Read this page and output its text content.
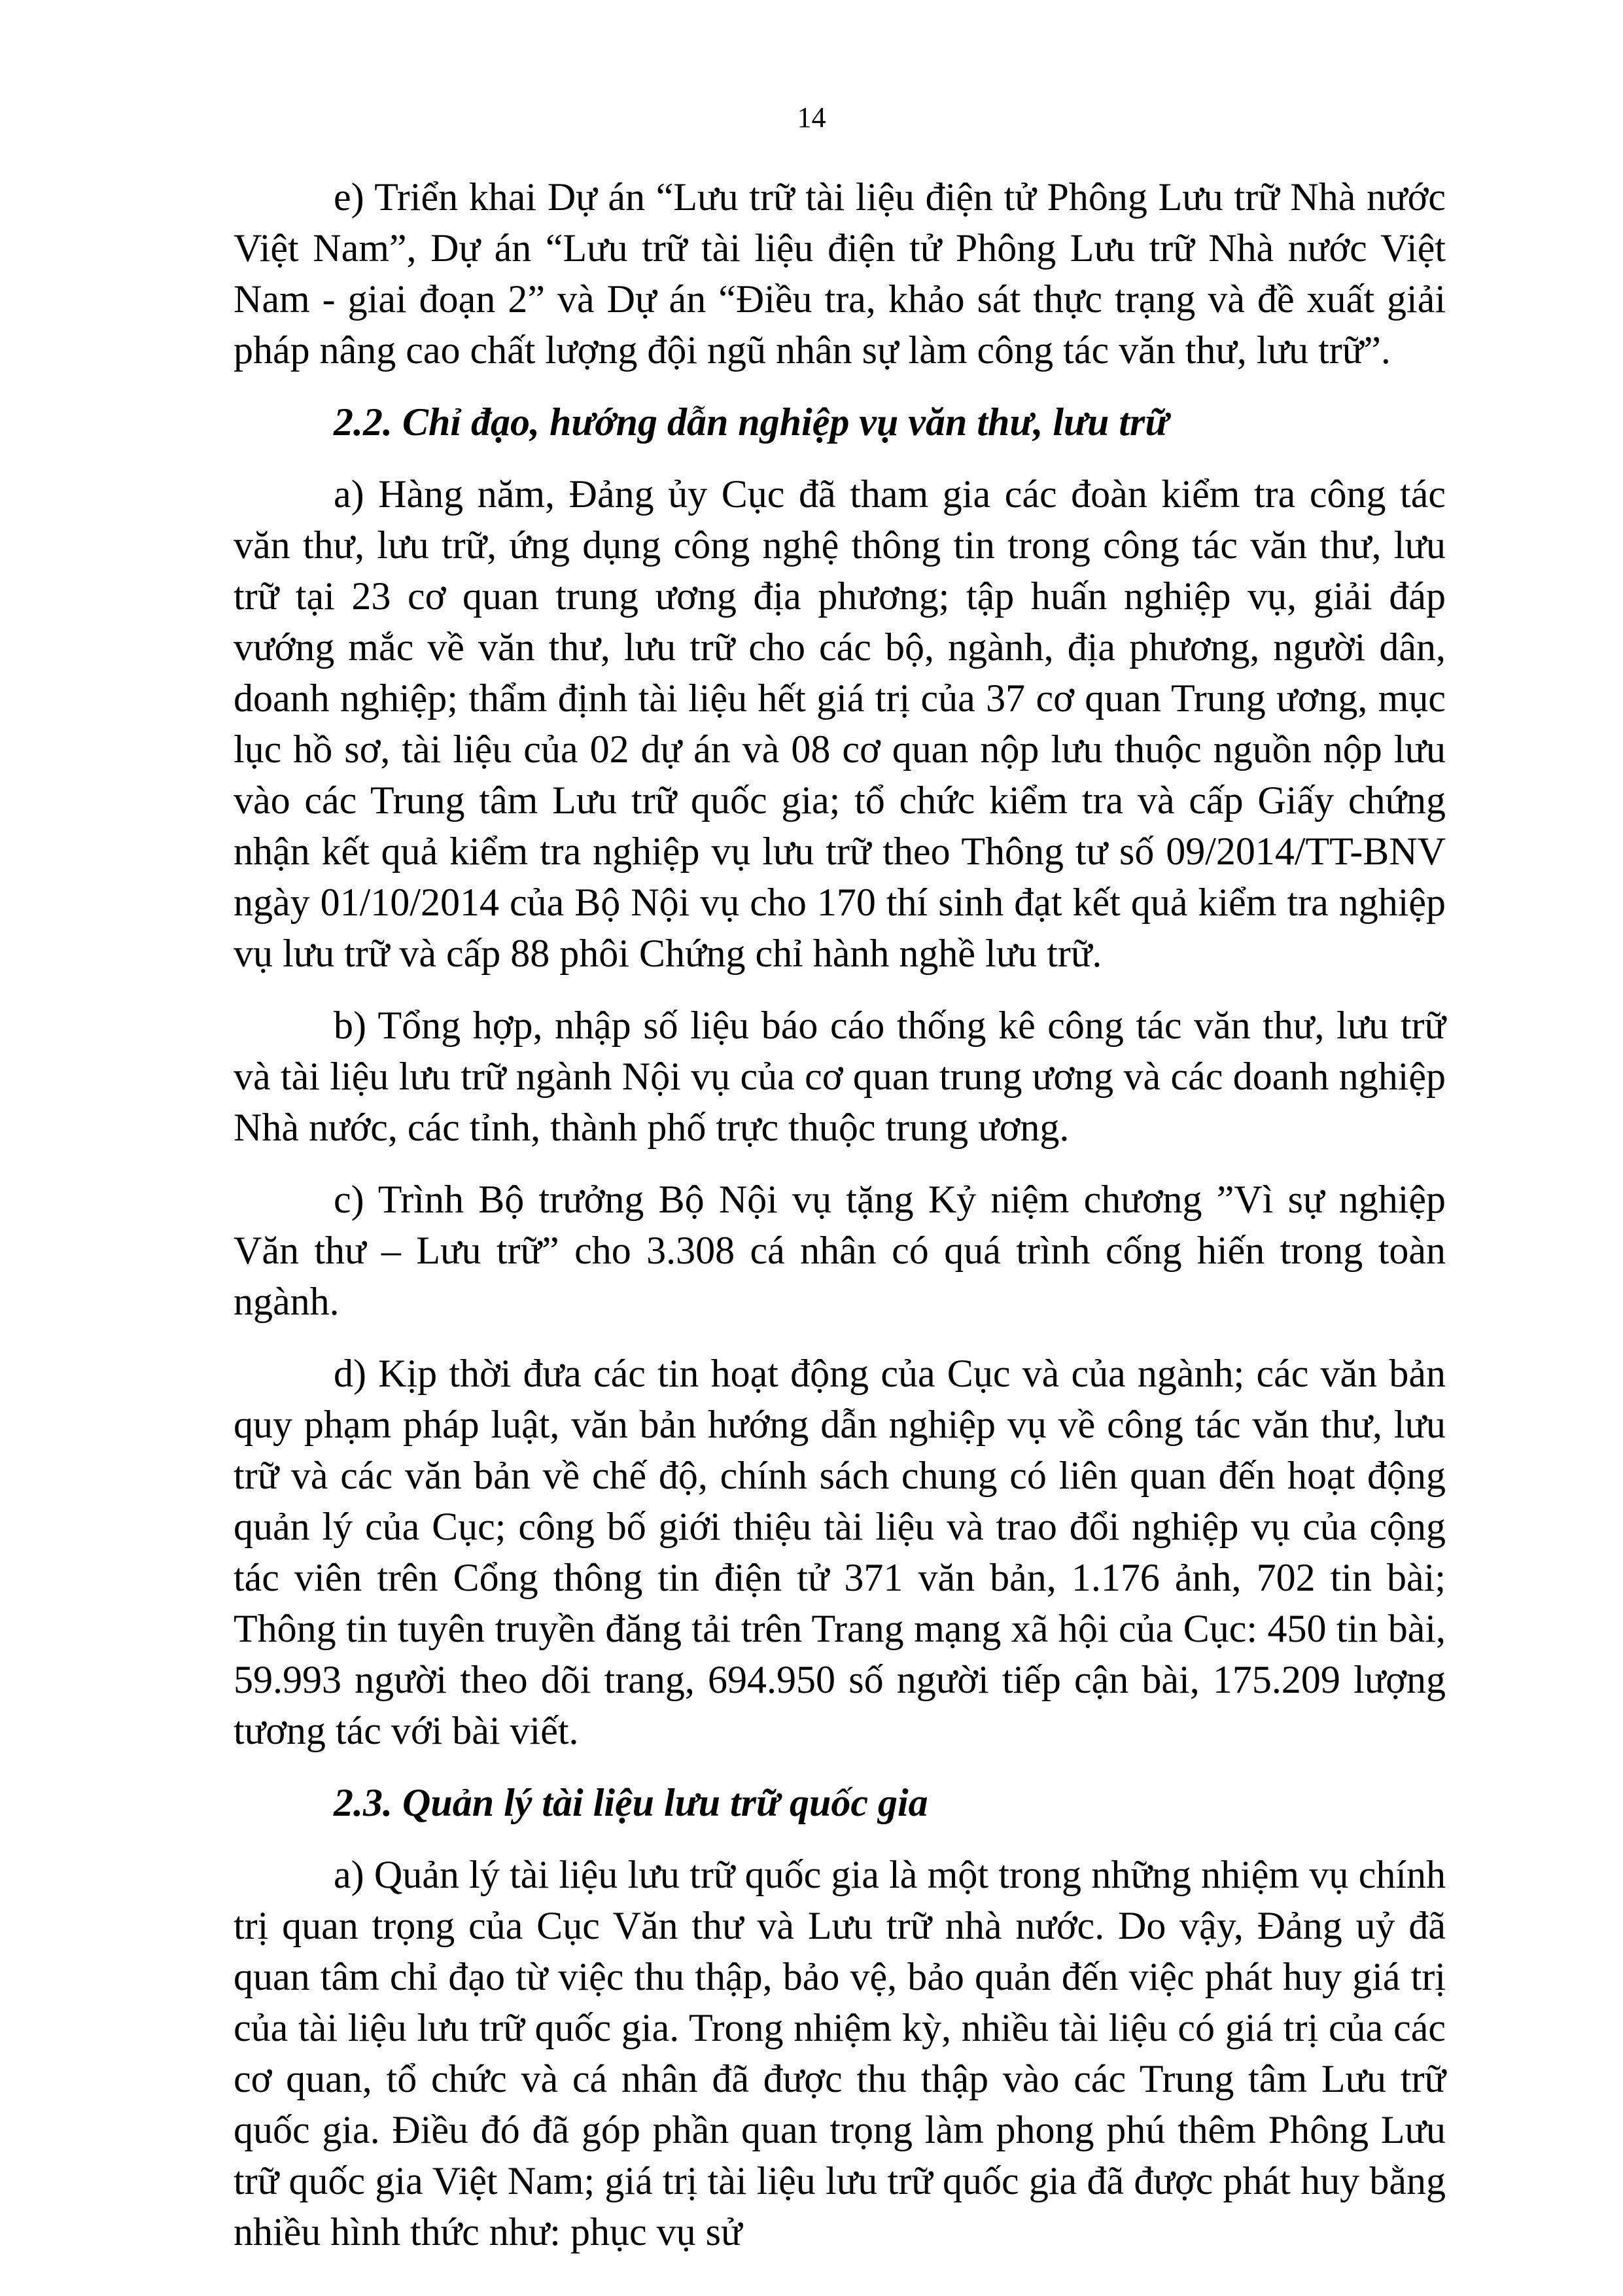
14

e) Triển khai Dự án “Lưu trữ tài liệu điện tử Phông Lưu trữ Nhà nước Việt Nam”, Dự án “Lưu trữ tài liệu điện tử Phông Lưu trữ Nhà nước Việt Nam - giai đoạn 2” và Dự án “Điều tra, khảo sát thực trạng và đề xuất giải pháp nâng cao chất lượng đội ngũ nhân sự làm công tác văn thư, lưu trữ”.

2.2. Chỉ đạo, hướng dẫn nghiệp vụ văn thư, lưu trữ

a) Hàng năm, Đảng ủy Cục đã tham gia các đoàn kiểm tra công tác văn thư, lưu trữ, ứng dụng công nghệ thông tin trong công tác văn thư, lưu trữ tại 23 cơ quan trung ương địa phương; tập huấn nghiệp vụ, giải đáp vướng mắc về văn thư, lưu trữ cho các bộ, ngành, địa phương, người dân, doanh nghiệp; thẩm định tài liệu hết giá trị của 37 cơ quan Trung ương, mục lục hồ sơ, tài liệu của 02 dự án và 08 cơ quan nộp lưu thuộc nguồn nộp lưu vào các Trung tâm Lưu trữ quốc gia; tổ chức kiểm tra và cấp Giấy chứng nhận kết quả kiểm tra nghiệp vụ lưu trữ theo Thông tư số 09/2014/TT-BNV ngày 01/10/2014 của Bộ Nội vụ cho 170 thí sinh đạt kết quả kiểm tra nghiệp vụ lưu trữ và cấp 88 phôi Chứng chỉ hành nghề lưu trữ.

b) Tổng hợp, nhập số liệu báo cáo thống kê công tác văn thư, lưu trữ và tài liệu lưu trữ ngành Nội vụ của cơ quan trung ương và các doanh nghiệp Nhà nước, các tỉnh, thành phố trực thuộc trung ương.

c) Trình Bộ trưởng Bộ Nội vụ tặng Kỷ niệm chương ”Vì sự nghiệp Văn thư – Lưu trữ” cho 3.308 cá nhân có quá trình cống hiến trong toàn ngành.

d) Kịp thời đưa các tin hoạt động của Cục và của ngành; các văn bản quy phạm pháp luật, văn bản hướng dẫn nghiệp vụ về công tác văn thư, lưu trữ và các văn bản về chế độ, chính sách chung có liên quan đến hoạt động quản lý của Cục; công bố giới thiệu tài liệu và trao đổi nghiệp vụ của cộng tác viên trên Cổng thông tin điện tử 371 văn bản, 1.176 ảnh, 702 tin bài; Thông tin tuyên truyền đăng tải trên Trang mạng xã hội của Cục: 450 tin bài, 59.993 người theo dõi trang, 694.950 số người tiếp cận bài, 175.209 lượng tương tác với bài viết.

2.3. Quản lý tài liệu lưu trữ quốc gia

a) Quản lý tài liệu lưu trữ quốc gia là một trong những nhiệm vụ chính trị quan trọng của Cục Văn thư và Lưu trữ nhà nước. Do vậy, Đảng uỷ đã quan tâm chỉ đạo từ việc thu thập, bảo vệ, bảo quản đến việc phát huy giá trị của tài liệu lưu trữ quốc gia. Trong nhiệm kỳ, nhiều tài liệu có giá trị của các cơ quan, tổ chức và cá nhân đã được thu thập vào các Trung tâm Lưu trữ quốc gia. Điều đó đã góp phần quan trọng làm phong phú thêm Phông Lưu trữ quốc gia Việt Nam; giá trị tài liệu lưu trữ quốc gia đã được phát huy bằng nhiều hình thức như: phục vụ sử
